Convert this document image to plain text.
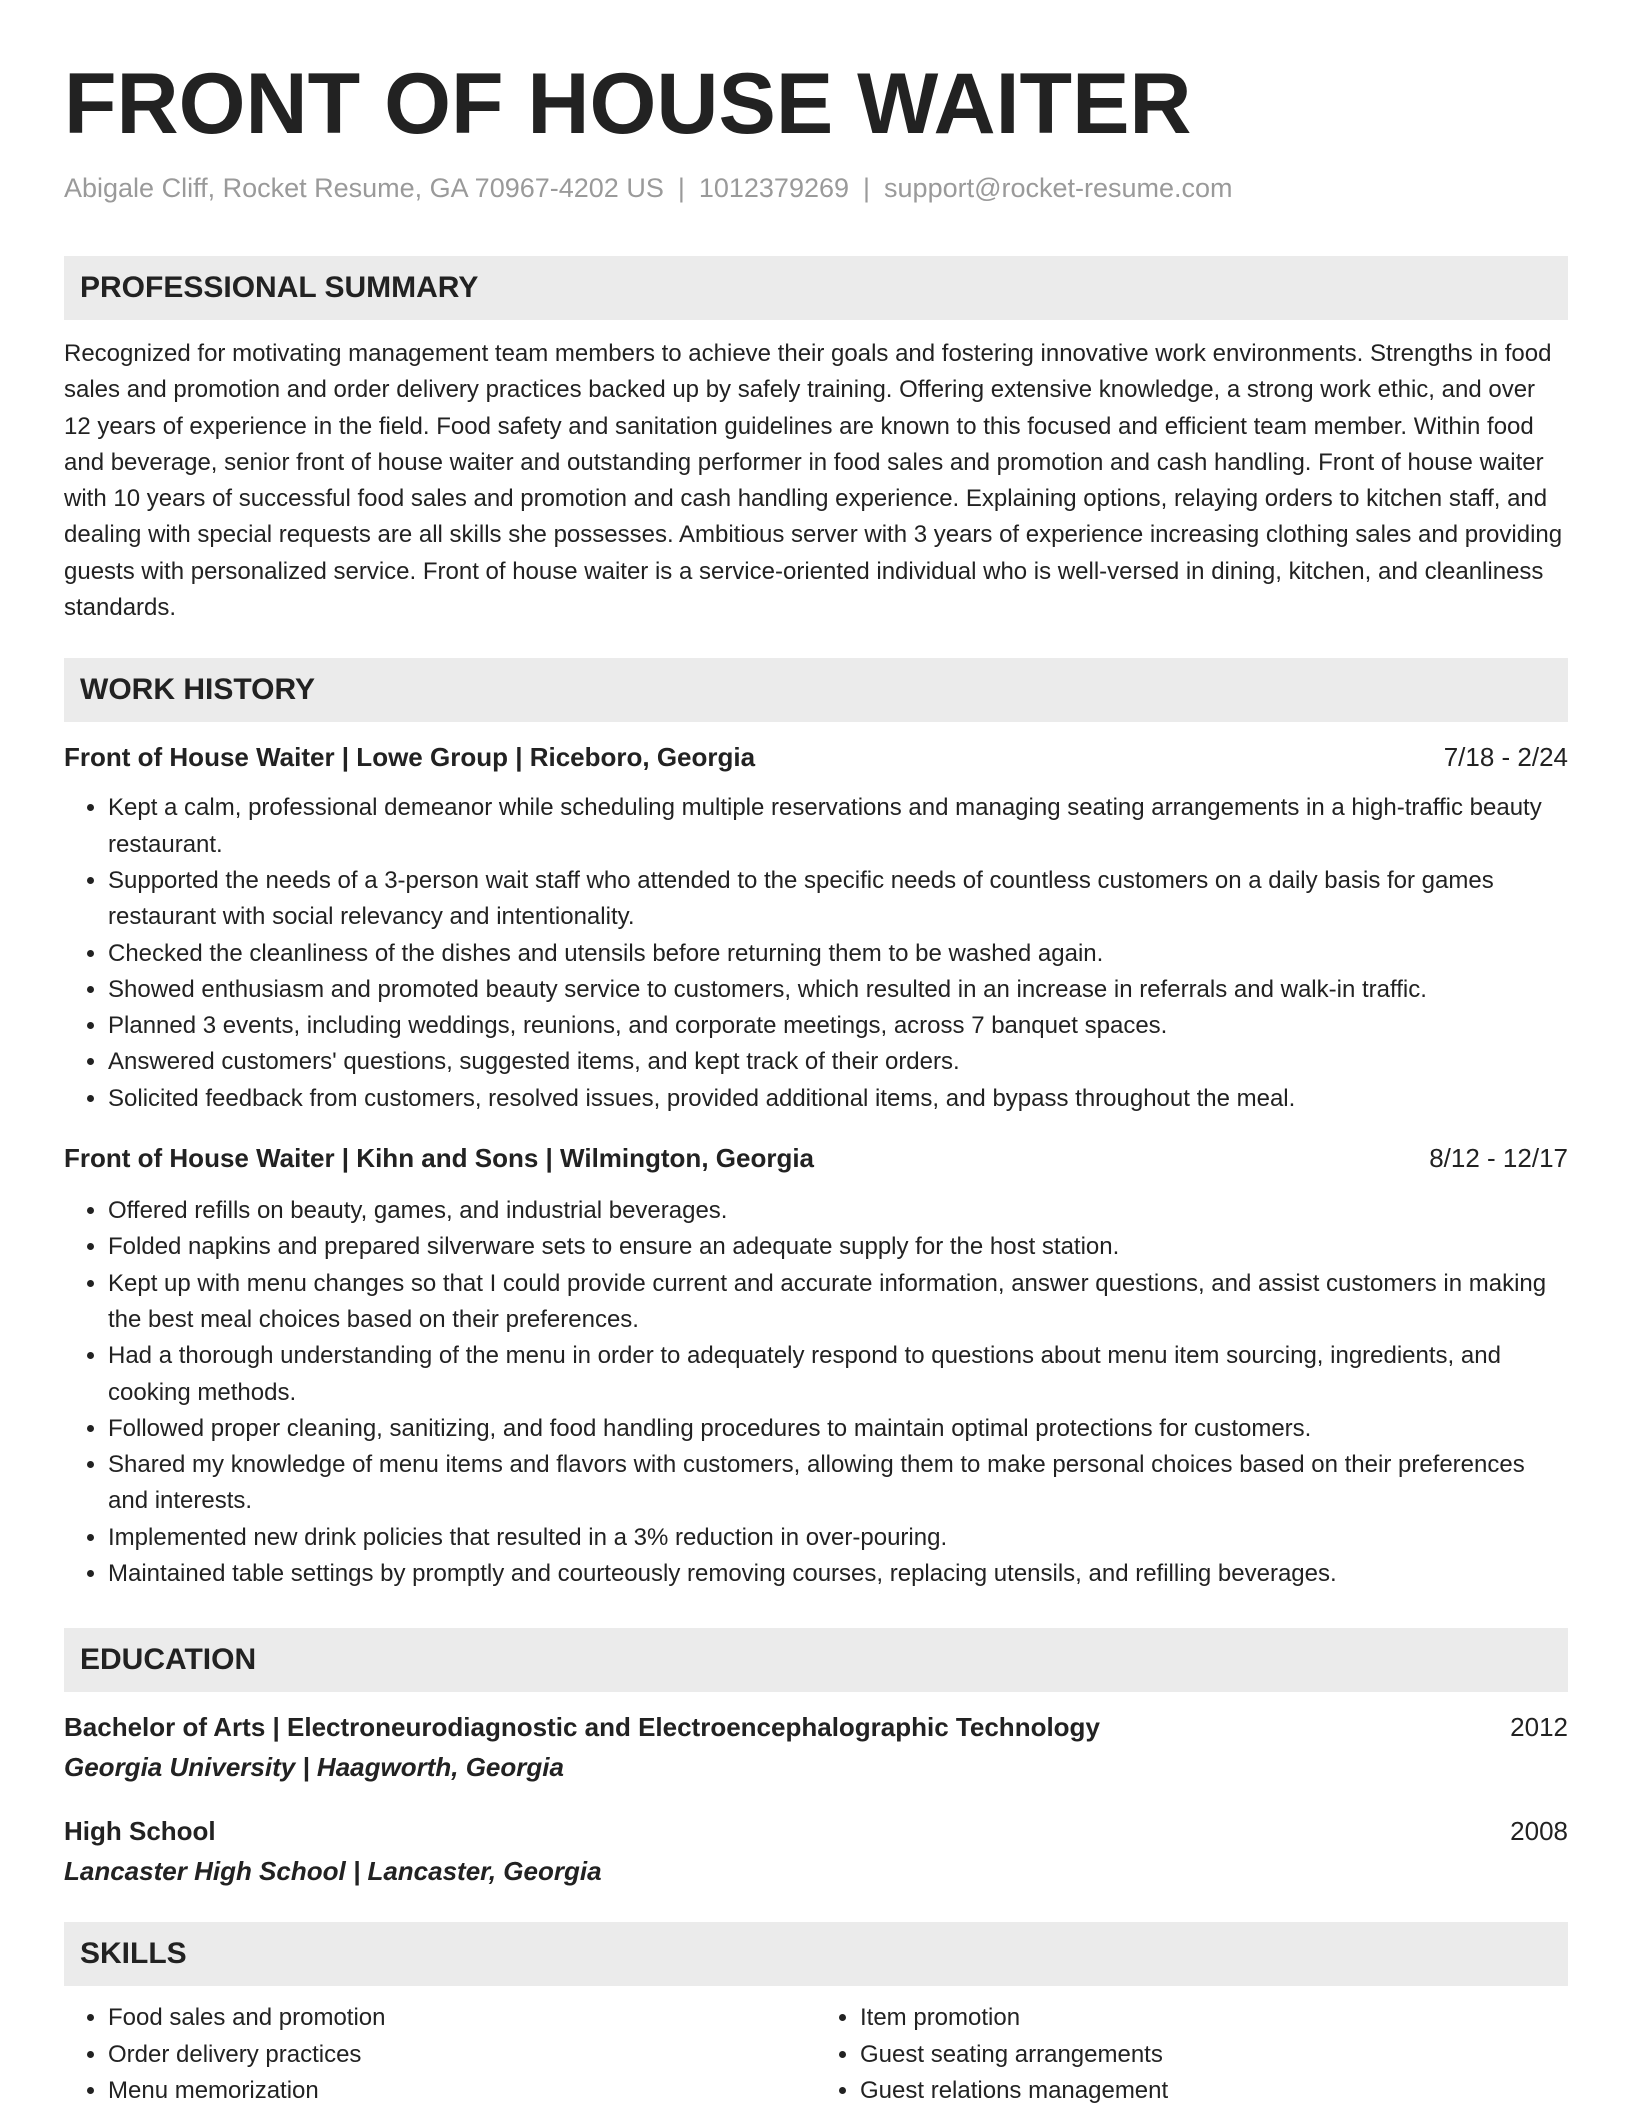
FRONT OF HOUSE WAITER
Abigale Cliff, Rocket Resume, GA 70967-4202 US | 1012379269 | support@rocket-resume.com
PROFESSIONAL SUMMARY
Recognized for motivating management team members to achieve their goals and fostering innovative work environments. Strengths in food sales and promotion and order delivery practices backed up by safely training. Offering extensive knowledge, a strong work ethic, and over 12 years of experience in the field. Food safety and sanitation guidelines are known to this focused and efficient team member. Within food and beverage, senior front of house waiter and outstanding performer in food sales and promotion and cash handling. Front of house waiter with 10 years of successful food sales and promotion and cash handling experience. Explaining options, relaying orders to kitchen staff, and dealing with special requests are all skills she possesses. Ambitious server with 3 years of experience increasing clothing sales and providing guests with personalized service. Front of house waiter is a service-oriented individual who is well-versed in dining, kitchen, and cleanliness standards.
WORK HISTORY
Front of House Waiter | Lowe Group | Riceboro, Georgia	7/18 - 2/24
• Kept a calm, professional demeanor while scheduling multiple reservations and managing seating arrangements in a high-traffic beauty restaurant.
• Supported the needs of a 3-person wait staff who attended to the specific needs of countless customers on a daily basis for games restaurant with social relevancy and intentionality.
• Checked the cleanliness of the dishes and utensils before returning them to be washed again.
• Showed enthusiasm and promoted beauty service to customers, which resulted in an increase in referrals and walk-in traffic.
• Planned 3 events, including weddings, reunions, and corporate meetings, across 7 banquet spaces.
• Answered customers' questions, suggested items, and kept track of their orders.
• Solicited feedback from customers, resolved issues, provided additional items, and bypass throughout the meal.
Front of House Waiter | Kihn and Sons | Wilmington, Georgia	8/12 - 12/17
• Offered refills on beauty, games, and industrial beverages.
• Folded napkins and prepared silverware sets to ensure an adequate supply for the host station.
• Kept up with menu changes so that I could provide current and accurate information, answer questions, and assist customers in making the best meal choices based on their preferences.
• Had a thorough understanding of the menu in order to adequately respond to questions about menu item sourcing, ingredients, and cooking methods.
• Followed proper cleaning, sanitizing, and food handling procedures to maintain optimal protections for customers.
• Shared my knowledge of menu items and flavors with customers, allowing them to make personal choices based on their preferences and interests.
• Implemented new drink policies that resulted in a 3% reduction in over-pouring.
• Maintained table settings by promptly and courteously removing courses, replacing utensils, and refilling beverages.
EDUCATION
Bachelor of Arts | Electroneurodiagnostic and Electroencephalographic Technology	2012
Georgia University | Haagworth, Georgia
High School	2008
Lancaster High School | Lancaster, Georgia
SKILLS
• Food sales and promotion
• Order delivery practices
• Menu memorization
• Item promotion
• Guest seating arrangements
• Guest relations management
